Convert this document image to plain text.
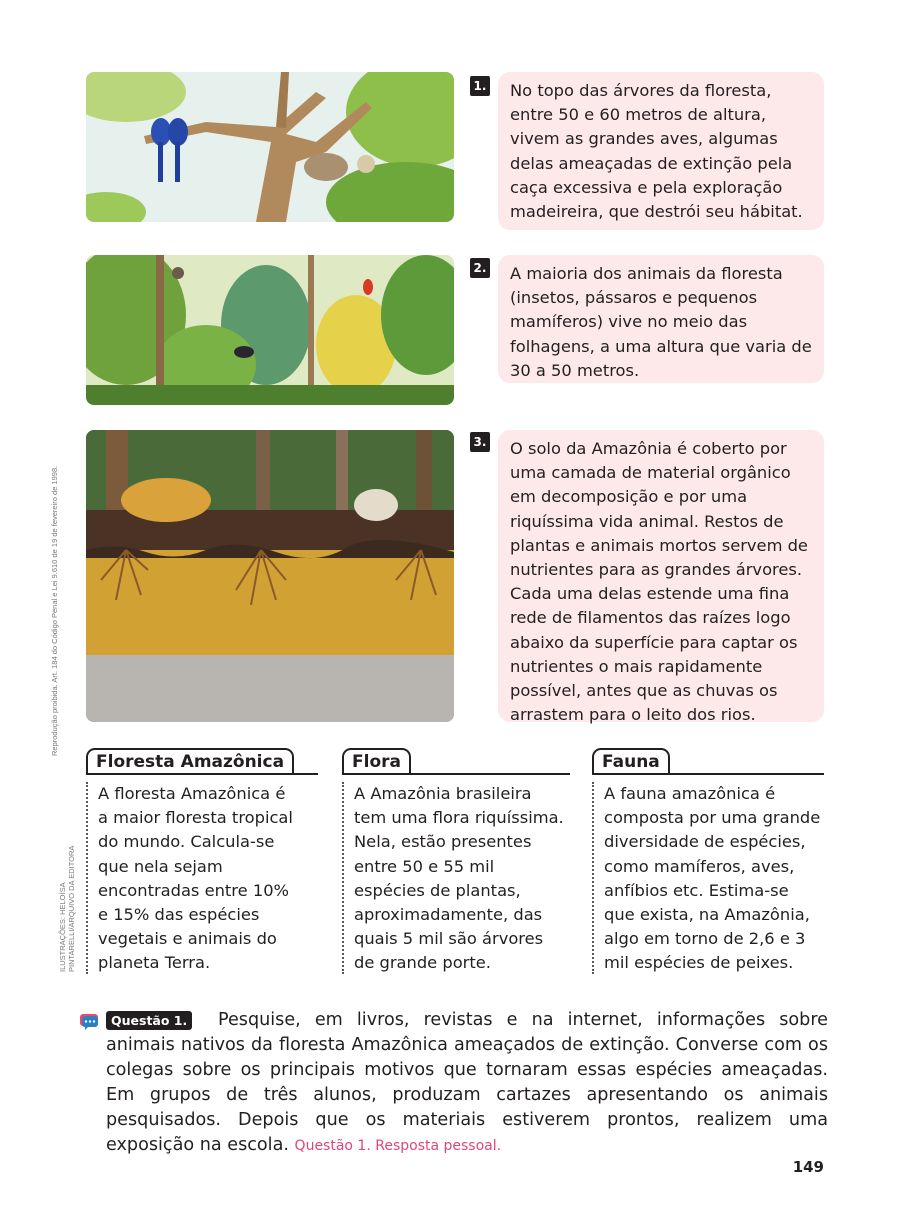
Reprodução proibida. Art. 184 do Código Penal e Lei 9.610 de 19 de fevereiro de 1998.
ILUSTRAÇÕES: HELOÍSA PINTARELLI/ARQUIVO DA EDITORA
1.	No topo das árvores da floresta, entre 50 e 60 metros de altura, vivem as grandes aves, algumas delas ameaçadas de extinção pela caça excessiva e pela exploração madeireira, que destrói seu hábitat.
2.	A maioria dos animais da floresta (insetos, pássaros e pequenos mamíferos) vive no meio das folhagens, a uma altura que varia de 30 a 50 metros.
3.	O solo da Amazônia é coberto por uma camada de material orgânico em decomposição e por uma riquíssima vida animal. Restos de plantas e animais mortos servem de nutrientes para as grandes árvores. Cada uma delas estende uma fina rede de filamentos das raízes logo abaixo da superfície para captar os nutrientes o mais rapidamente possível, antes que as chuvas os arrastem para o leito dos rios.
Floresta Amazônica
A floresta Amazônica é a maior floresta tropical do mundo. Calcula-se que nela sejam encontradas entre 10% e 15% das espécies vegetais e animais do planeta Terra.
Flora
A Amazônia brasileira tem uma flora riquíssima. Nela, estão presentes entre 50 e 55 mil espécies de plantas, aproximadamente, das quais 5 mil são árvores de grande porte.
Fauna
A fauna amazônica é composta por uma grande diversidade de espécies, como mamíferos, aves, anfíbios etc. Estima-se que exista, na Amazônia, algo em torno de 2,6 e 3 mil espécies de peixes.
Questão 1.	Pesquise, em livros, revistas e na internet, informações sobre animais nativos da floresta Amazônica ameaçados de extinção. Converse com os colegas sobre os principais motivos que tornaram essas espécies ameaçadas. Em grupos de três alunos, produzam cartazes apresentando os animais pesquisados. Depois que os materiais estiverem prontos, realizem uma exposição na escola. Questão 1. Resposta pessoal.
149
